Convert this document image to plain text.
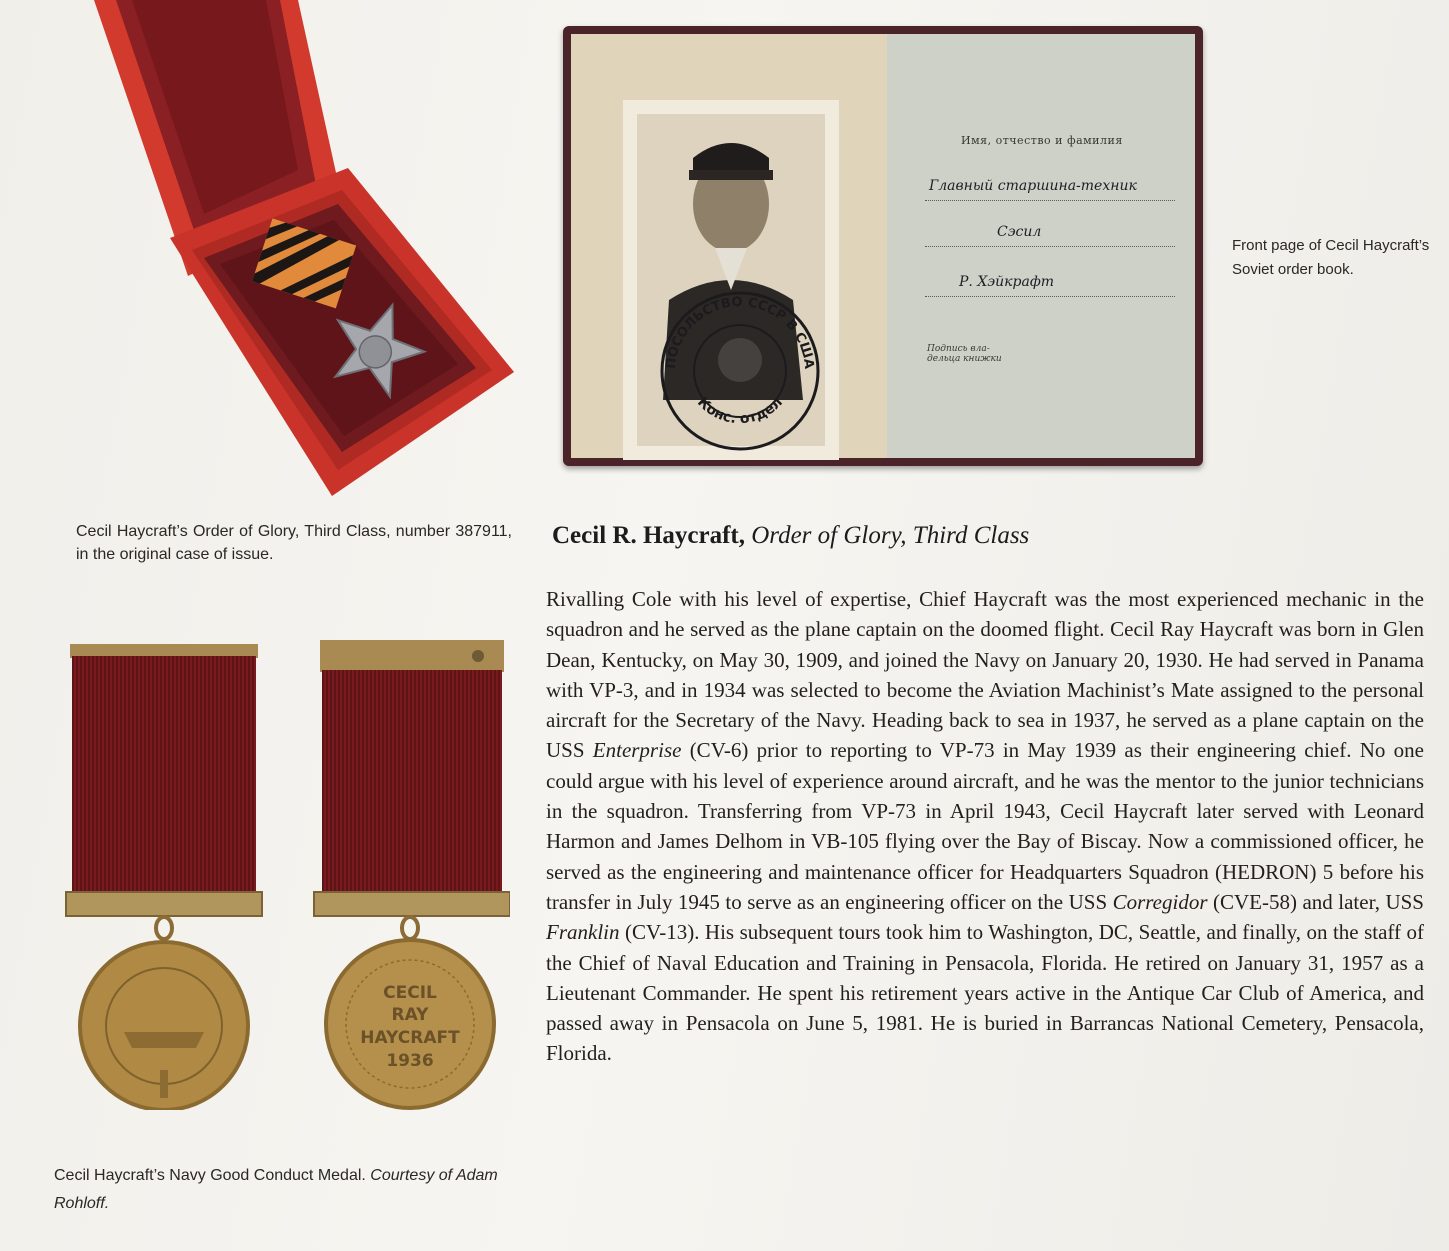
ПОСОЛЬСТВО СССР В США
Конс. отдел
Имя, отчество и фамилия
Главный старшина-техник
Сэсил
Р. Хэйкрафт
Подпись вла-
дельца книжки
Front page of Cecil Haycraft’s Soviet order book.
Cecil Haycraft’s Order of Glory, Third Class, number 387911, in the original case of issue.
Cecil R. Haycraft, Order of Glory, Third Class

Rivalling Cole with his level of expertise, Chief Haycraft was the most experienced mechanic in the squadron and he served as the plane captain on the doomed flight. Cecil Ray Haycraft was born in Glen Dean, Kentucky, on May 30, 1909, and joined the Navy on January 20, 1930. He had served in Panama with VP-3, and in 1934 was selected to become the Aviation Machinist’s Mate assigned to the personal aircraft for the Secretary of the Navy. Heading back to sea in 1937, he served as a plane captain on the USS Enterprise (CV-6) prior to reporting to VP-73 in May 1939 as their engineering chief. No one could argue with his level of experience around aircraft, and he was the mentor to the junior technicians in the squadron. Transferring from VP-73 in April 1943, Cecil Haycraft later served with Leonard Harmon and James Delhom in VB-105 flying over the Bay of Biscay. Now a commissioned officer, he served as the engineering and maintenance officer for Headquarters Squadron (HEDRON) 5 before his transfer in July 1945 to serve as an engineering officer on the USS Corregidor (CVE-58) and later, USS Franklin (CV-13). His subsequent tours took him to Washington, DC, Seattle, and finally, on the staff of the Chief of Naval Education and Training in Pensacola, Florida. He retired on January 31, 1957 as a Lieutenant Commander. He spent his retirement years active in the Antique Car Club of America, and passed away in Pensacola on June 5, 1981. He is buried in Barrancas National Cemetery, Pensacola, Florida.

CECIL
RAY
HAYCRAFT
1936
Cecil Haycraft’s Navy Good Conduct Medal. Courtesy of Adam Rohloff.
